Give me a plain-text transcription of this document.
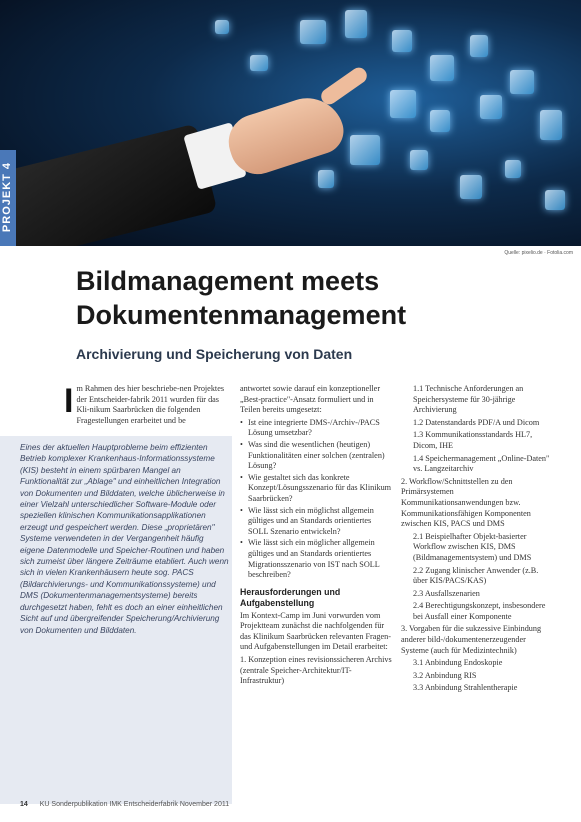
PROJEKT 4
Quelle: pixelio.de · Fotolia.com
Bildmanagement meets Dokumentenmanagement
Archivierung und Speicherung von Daten
I m Rahmen des hier beschriebe-nen Projektes der Entscheider-fabrik 2011 wurden für das Kli-nikum Saarbrücken die folgenden Fragestellungen erarbeitet und be
Eines der aktuellen Hauptprobleme beim effizienten Betrieb komplexer Krankenhaus-Informationssysteme (KIS) besteht in einem spürbaren Mangel an Funktionalität zur „Ablage" und einheitlichen Integration von Dokumenten und Bilddaten, welche üblicherweise in einer Vielzahl unterschiedlicher Software-Module oder speziellen klinischen Kommunikationsapplikationen erzeugt und gespeichert werden. Diese „proprietären" Systeme verwendeten in der Vergangenheit häufig eigene Datenmodelle und Speicher-Routinen und haben sich zumeist über längere Zeiträume etabliert. Auch wenn sich in vielen Krankenhäusern heute sog. PACS (Bildarchivierungs- und Kommunikationssysteme) und DMS (Dokumentenmanagementsysteme) bereits durchgesetzt haben, fehlt es doch an einer einheitlichen Sicht auf und übergreifender Speicherung/Archivierung von Dokumenten und Bilddaten.

antwortet sowie darauf ein konzeptioneller „Best-practice"-Ansatz formuliert und in Teilen bereits umgesetzt:

• Ist eine integrierte DMS-/Archiv-/PACS Lösung umsetzbar?
• Was sind die wesentlichen (heutigen) Funktionalitäten einer solchen (zentralen) Lösung?
• Wie gestaltet sich das konkrete Konzept/Lösungsszenario für das Klinikum Saarbrücken?
• Wie lässt sich ein möglichst allgemein gültiges und an Standards orientiertes SOLL Szenario entwickeln?
• Wie lässt sich ein möglicher allgemein gültiges und an Standards orientiertes Migrationsszenario von IST nach SOLL beschreiben?
Herausforderungen und Aufgabenstellung

Im Kontext-Camp im Juni vorwurden vom Projektteam zunächst die nachfolgenden für das Klinikum Saarbrücken relevanten Fragen- und Aufgabenstellungen im Detail erarbeitet:

1. Konzeption eines revisionssicheren Archivs (zentrale Speicher-Architektur/IT-Infrastruktur)

1.1 Technische Anforderungen an Speichersysteme für 30-jährige Archivierung
1.2 Datenstandards PDF/A und Dicom
1.3 Kommunikationsstandards HL7, Dicom, IHE
1.4 Speichermanagement „Online-Daten" vs. Langzeitarchiv
2. Workflow/Schnittstellen zu den Primärsystemen Kommunikationsanwendungen bzw. Kommunikationsfähigen Komponenten zwischen KIS, PACS und DMS
2.1 Beispielhafter Objekt-basierter Workflow zwischen KIS, DMS (Bildmanagementsystem) und DMS
2.2 Zugang klinischer Anwender (z.B. über KIS/PACS/KAS)
2.3 Ausfallszenarien
2.4 Berechtigungskonzept, insbesondere bei Ausfall einer Komponente
3. Vorgaben für die sukzessive Einbindung anderer bild-/dokumentenerzeugender Systeme (auch für Medizintechnik)
3.1 Anbindung Endoskopie
3.2 Anbindung RIS
3.3 Anbindung Strahlentherapie
14 KU Sonderpublikation IMK Entscheiderfabrik November 2011
